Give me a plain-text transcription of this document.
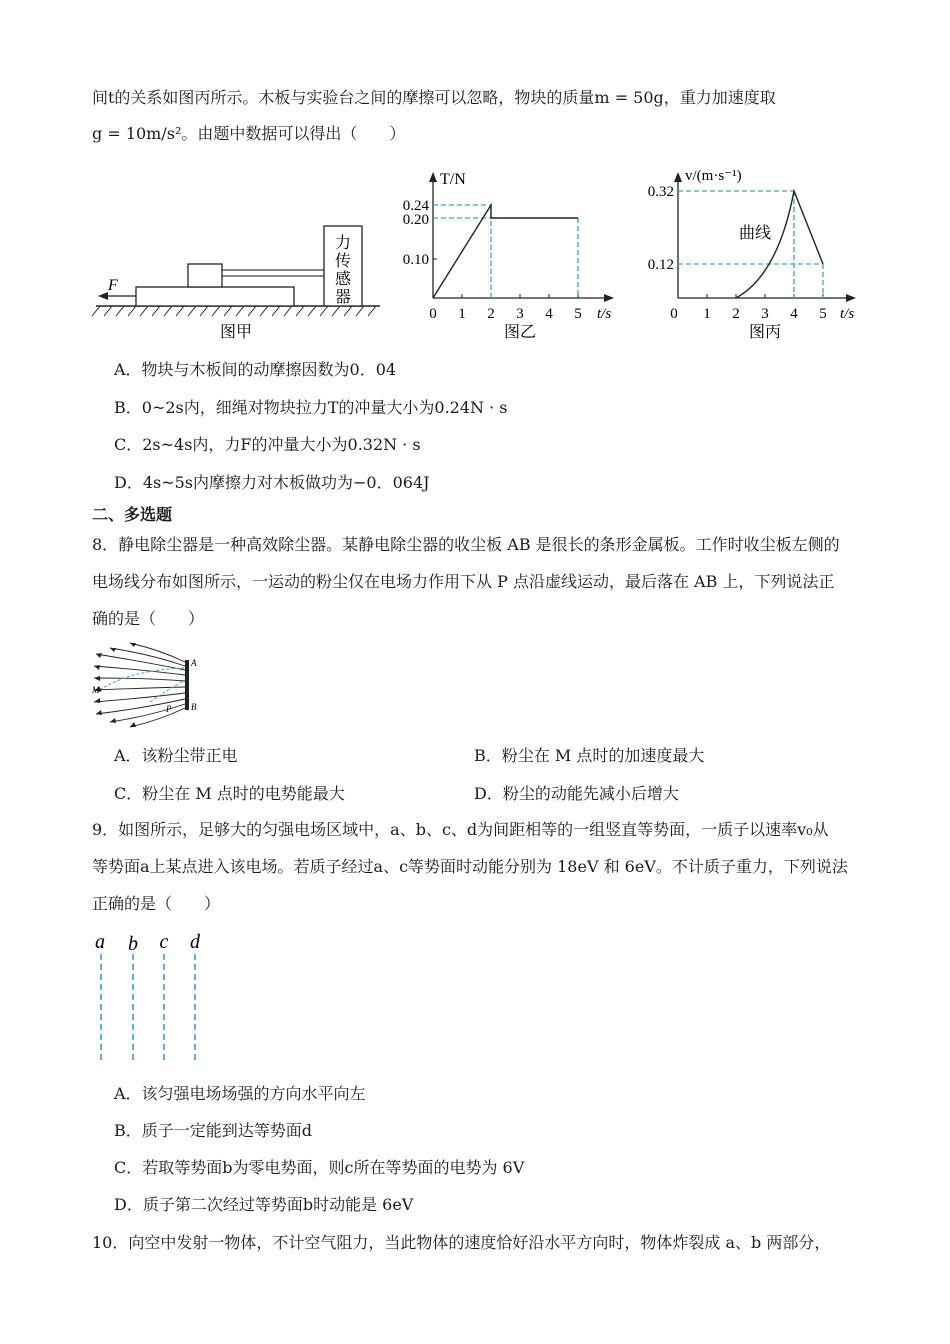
间t的关系如图丙所示。木板与实验台之间的摩擦可以忽略，物块的质量m = 50g，重力加速度取
g = 10m/s²。由题中数据可以得出（　　）
力
传
感
器
F
图甲
T/N
0.24
0.20
0.10
0 1 2 3 4 5 t/s
图乙
v/(m·s⁻¹)
曲线
0.32
0.12
0 1 2 3 4 5 t/s
图丙
A．物块与木板间的动摩擦因数为0．04
B．0~2s内，细绳对物块拉力T的冲量大小为0.24N · s
C．2s~4s内，力F的冲量大小为0.32N · s
D．4s~5s内摩擦力对木板做功为−0．064J
二、多选题
8．静电除尘器是一种高效除尘器。某静电除尘器的收尘板 AB 是很长的条形金属板。工作时收尘板左侧的
电场线分布如图所示，一运动的粉尘仅在电场力作用下从 P 点沿虚线运动，最后落在 AB 上，下列说法正
确的是（　　）
A
B
M
P
A．该粉尘带正电	B．粉尘在 M 点时的加速度最大
C．粉尘在 M 点时的电势能最大	D．粉尘的动能先减小后增大
9．如图所示，足够大的匀强电场区域中，a、b、c、d为间距相等的一组竖直等势面，一质子以速率v₀从
等势面a上某点进入该电场。若质子经过a、c等势面时动能分别为 18eV 和 6eV。不计质子重力，下列说法
正确的是（　　）
a b c d
A．该匀强电场场强的方向水平向左
B．质子一定能到达等势面d
C．若取等势面b为零电势面，则c所在等势面的电势为 6V
D．质子第二次经过等势面b时动能是 6eV
10．向空中发射一物体，不计空气阻力，当此物体的速度恰好沿水平方向时，物体炸裂成 a、b 两部分，
